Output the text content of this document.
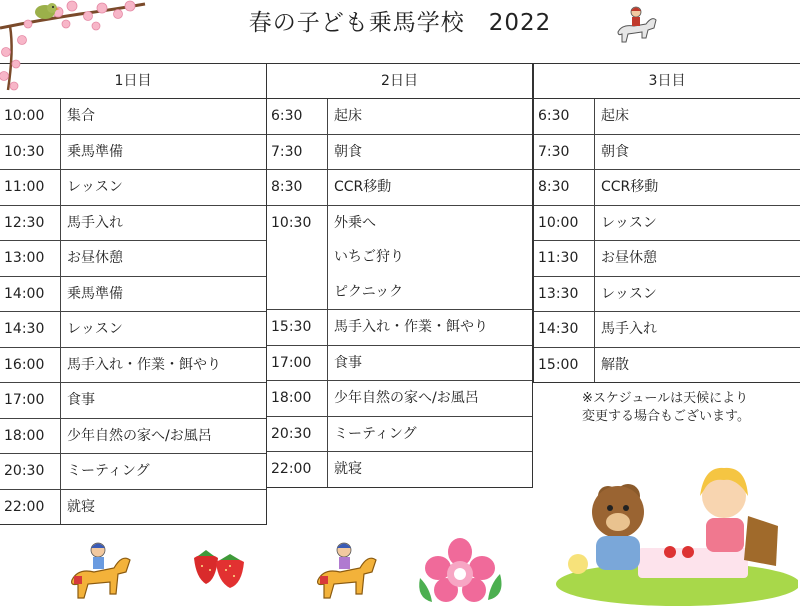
春の子ども乗馬学校　2022
1日目
10:00	集合
10:30	乗馬準備
11:00	レッスン
12:30	馬手入れ
13:00	お昼休憩
14:00	乗馬準備
14:30	レッスン
16:00	馬手入れ・作業・餌やり
17:00	食事
18:00	少年自然の家へ/お風呂
20:30	ミーティング
22:00	就寝
2日目
6:30	起床
7:30	朝食
8:30	CCR移動
10:30	外乗へ
いちご狩り
ピクニック
15:30	馬手入れ・作業・餌やり
17:00	食事
18:00	少年自然の家へ/お風呂
20:30	ミーティング
22:00	就寝
3日目
6:30	起床
7:30	朝食
8:30	CCR移動
10:00	レッスン
11:30	お昼休憩
13:30	レッスン
14:30	馬手入れ
15:00	解散
※スケジュールは天候により
変更する場合もございます。
